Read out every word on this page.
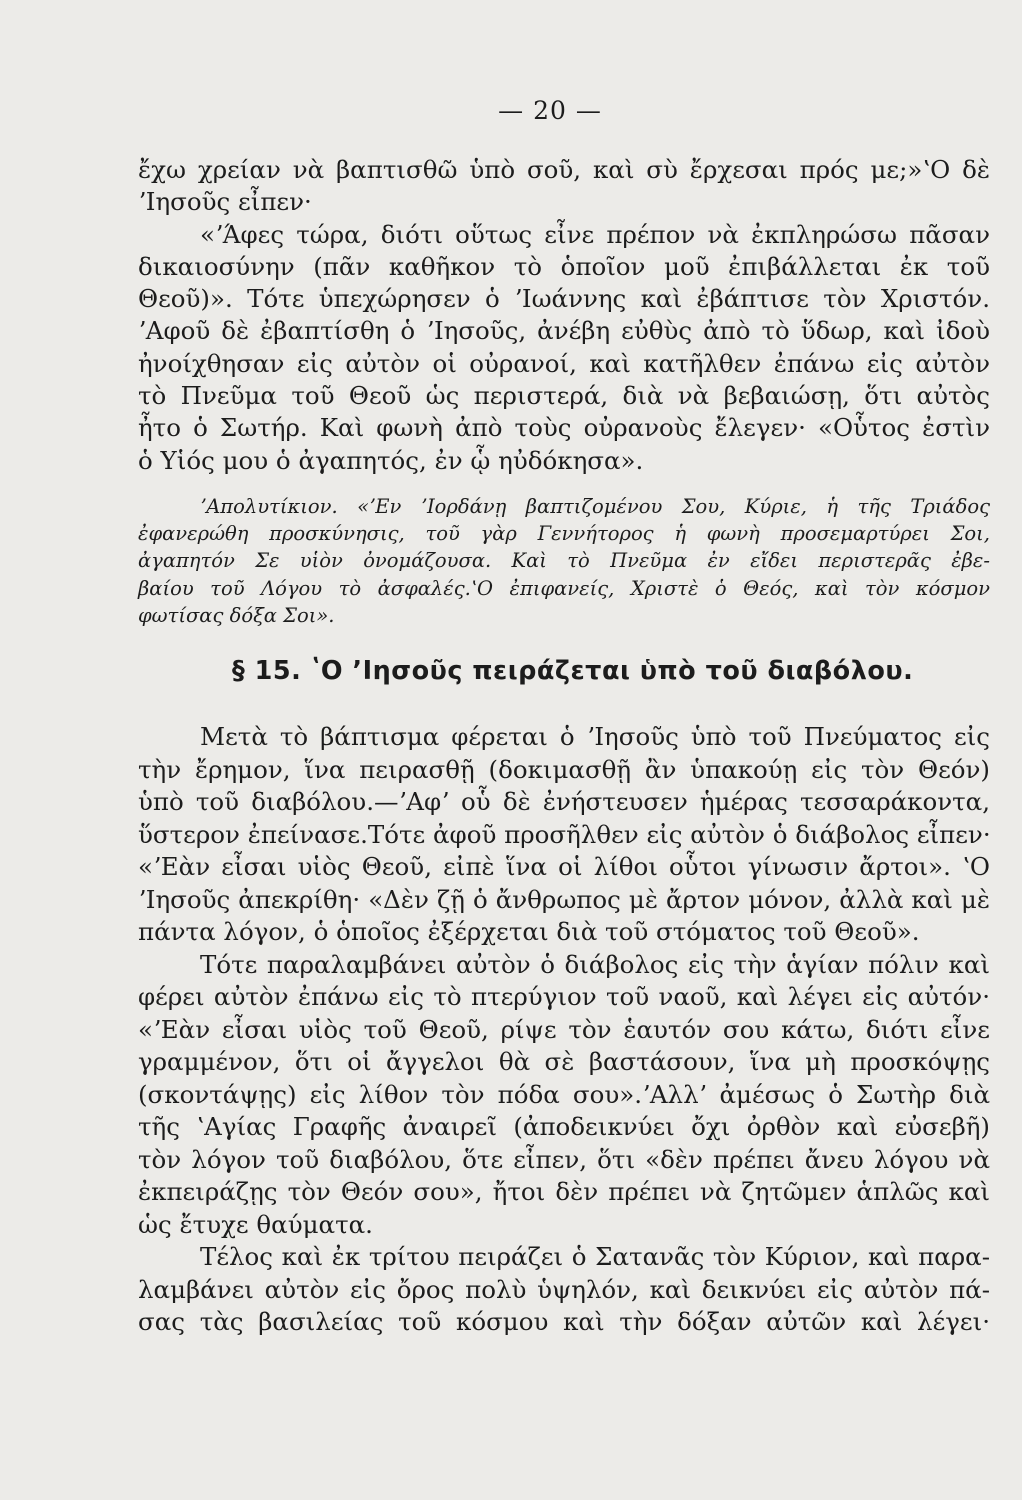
— 20 —
ἔχω χρείαν νὰ βαπτισθῶ ὑπὸ σοῦ, καὶ σὺ ἔρχεσαι πρός με;»ʽΟ δὲ
ʼΙησοῦς εἶπεν·
«ʼΆφες τώρα, διότι οὕτως εἶνε πρέπον νὰ ἐκπληρώσω πᾶσαν
δικαιοσύνην (πᾶν καθῆκον τὸ ὁποῖον μοῦ ἐπιβάλλεται ἐκ τοῦ
Θεοῦ)». Τότε ὑπεχώρησεν ὁ ʼΙωάννης καὶ ἐβάπτισε τὸν Χριστόν.
ʼΑφοῦ δὲ ἐβαπτίσθη ὁ ʼΙησοῦς, ἀνέβη εὐθὺς ἀπὸ τὸ ὕδωρ, καὶ ἰδοὺ
ἠνοίχθησαν εἰς αὐτὸν οἱ οὐρανοί, καὶ κατῆλθεν ἐπάνω εἰς αὐτὸν
τὸ Πνεῦμα τοῦ Θεοῦ ὡς περιστερά, διὰ νὰ βεβαιώσῃ, ὅτι αὐτὸς
ἦτο ὁ Σωτήρ. Καὶ φωνὴ ἀπὸ τοὺς οὐρανοὺς ἔλεγεν· «Οὗτος ἐστὶν
ὁ Υἱός μου ὁ ἀγαπητός, ἐν ᾧ ηὐδόκησα».
ʼΑπολυτίκιον. «ʼΕν ʼΙορδάνῃ βαπτιζομένου Σου, Κύριε, ἡ τῆς Τριάδος
ἐφανερώθη προσκύνησις, τοῦ γὰρ Γεννήτορος ἡ φωνὴ προσεμαρτύρει Σοι,
ἀγαπητόν Σε υἱὸν ὀνομάζουσα. Καὶ τὸ Πνεῦμα ἐν εἴδει περιστερᾶς ἐβε-
βαίου τοῦ Λόγου τὸ ἀσφαλές.ʽΟ ἐπιφανείς, Χριστὲ ὁ Θεός, καὶ τὸν κόσμον
φωτίσας δόξα Σοι».
§ 15. ʽΟ ʼΙησοῦς πειράζεται ὑπὸ τοῦ διαβόλου.
Μετὰ τὸ βάπτισμα φέρεται ὁ ʼΙησοῦς ὑπὸ τοῦ Πνεύματος εἰς
τὴν ἔρημον, ἵνα πειρασθῇ (δοκιμασθῇ ἂν ὑπακούῃ εἰς τὸν Θεόν)
ὑπὸ τοῦ διαβόλου.—ʼΑφʼ οὗ δὲ ἐνήστευσεν ἡμέρας τεσσαράκοντα,
ὕστερον ἐπείνασε.Τότε ἀφοῦ προσῆλθεν εἰς αὐτὸν ὁ διάβολος εἶπεν·
«ʼΕὰν εἶσαι υἱὸς Θεοῦ, εἰπὲ ἵνα οἱ λίθοι οὗτοι γίνωσιν ἄρτοι». ʽΟ
ʼΙησοῦς ἀπεκρίθη· «Δὲν ζῇ ὁ ἄνθρωπος μὲ ἄρτον μόνον, ἀλλὰ καὶ μὲ
πάντα λόγον, ὁ ὁποῖος ἐξέρχεται διὰ τοῦ στόματος τοῦ Θεοῦ».
Τότε παραλαμβάνει αὐτὸν ὁ διάβολος εἰς τὴν ἁγίαν πόλιν καὶ
φέρει αὐτὸν ἐπάνω εἰς τὸ πτερύγιον τοῦ ναοῦ, καὶ λέγει εἰς αὐτόν·
«ʼΕὰν εἶσαι υἱὸς τοῦ Θεοῦ, ρίψε τὸν ἑαυτόν σου κάτω, διότι εἶνε
γραμμένον, ὅτι οἱ ἄγγελοι θὰ σὲ βαστάσουν, ἵνα μὴ προσκόψῃς
(σκοντάψῃς) εἰς λίθον τὸν πόδα σου».ʼΑλλʼ ἀμέσως ὁ Σωτὴρ διὰ
τῆς ʽΑγίας Γραφῆς ἀναιρεῖ (ἀποδεικνύει ὄχι ὀρθὸν καὶ εὐσεβῆ)
τὸν λόγον τοῦ διαβόλου, ὅτε εἶπεν, ὅτι «δὲν πρέπει ἄνευ λόγου νὰ
ἐκπειράζῃς τὸν Θεόν σου», ἤτοι δὲν πρέπει νὰ ζητῶμεν ἁπλῶς καὶ
ὡς ἔτυχε θαύματα.
Τέλος καὶ ἐκ τρίτου πειράζει ὁ Σατανᾶς τὸν Κύριον, καὶ παρα-
λαμβάνει αὐτὸν εἰς ὄρος πολὺ ὑψηλόν, καὶ δεικνύει εἰς αὐτὸν πά-
σας τὰς βασιλείας τοῦ κόσμου καὶ τὴν δόξαν αὐτῶν καὶ λέγει·
